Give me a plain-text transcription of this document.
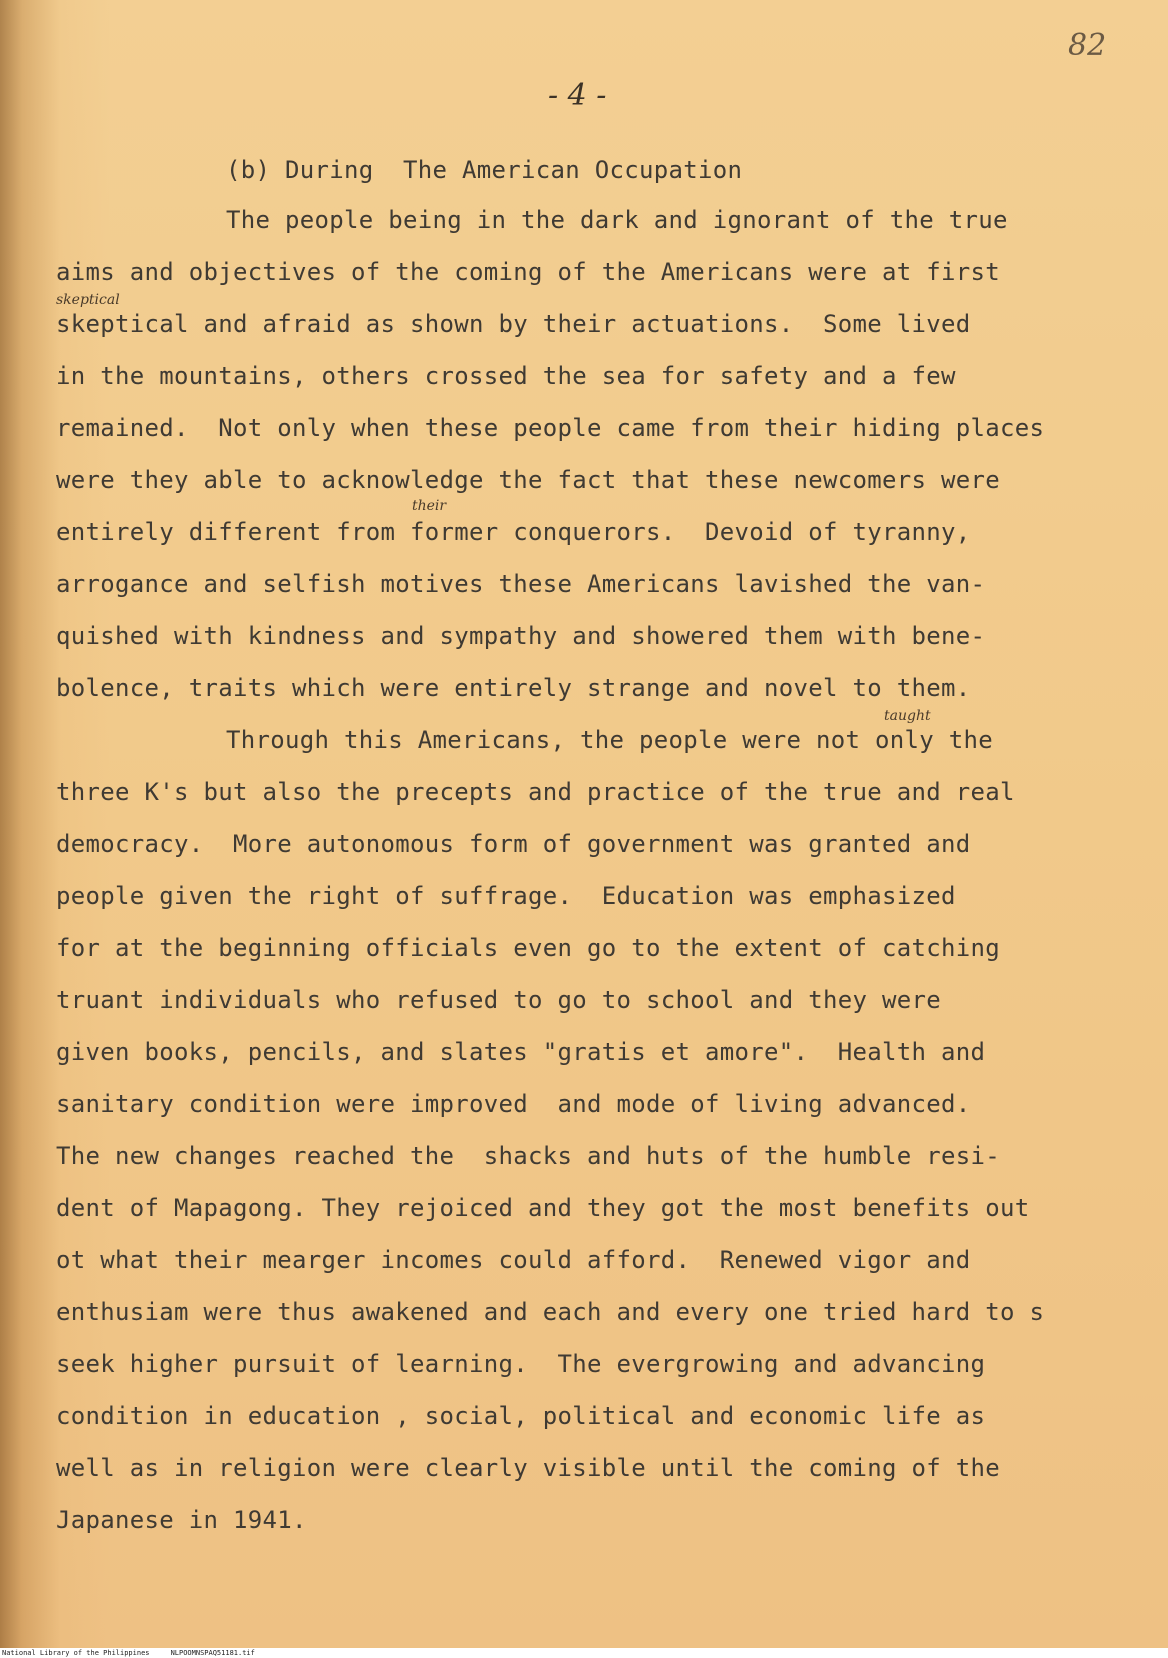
82
- 4 -

(b) During  The American Occupation

The people being in the dark and ignorant of the true

aims and objectives of the coming of the Americans were at first

skeptical and afraid as shown by their actuations.  Some lived

in the mountains, others crossed the sea for safety and a few

remained.  Not only when these people came from their hiding places

were they able to acknowledge the fact that these newcomers were

entirely different from former conquerors.  Devoid of tyranny,

arrogance and selfish motives these Americans lavished the van-

quished with kindness and sympathy and showered them with bene-

bolence, traits which were entirely strange and novel to them.

Through this Americans, the people were not only the

three K's but also the precepts and practice of the true and real

democracy.  More autonomous form of government was granted and

people given the right of suffrage.  Education was emphasized

for at the beginning officials even go to the extent of catching

truant individuals who refused to go to school and they were

given books, pencils, and slates "gratis et amore".  Health and

sanitary condition were improved  and mode of living advanced.

The new changes reached the  shacks and huts of the humble resi-

dent of Mapagong. They rejoiced and they got the most benefits out

ot what their mearger incomes could afford.  Renewed vigor and

enthusiam were thus awakened and each and every one tried hard to s

seek higher pursuit of learning.  The evergrowing and advancing

condition in education , social, political and economic life as

well as in religion were clearly visible until the coming of the

Japanese in 1941.

skeptical
their
taught
National Library of the Philippines     NLPOOMNSPAQ51181.tif
